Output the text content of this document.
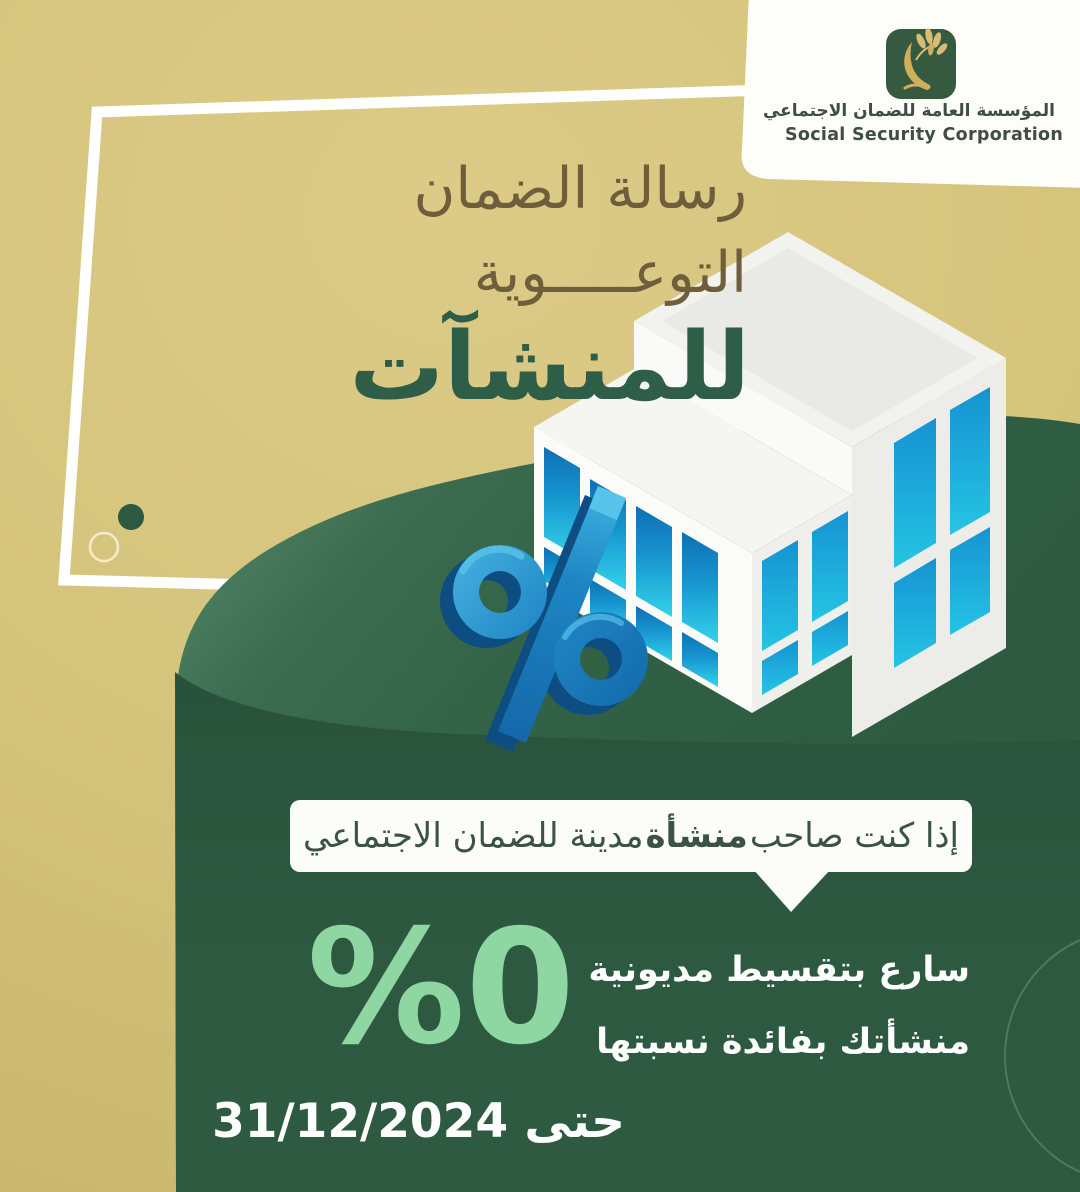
رسالة الضمان
التوعـــــوية
للمنشآت
المؤسسة العامة للضمان الاجتماعي
Social Security Corporation
إذا كنت صاحب
منشأة
مدينة للضمان الاجتماعي
%0 سارع بتقسيط مديونية
منشأتك بفائدة نسبتها
حتى 31/12/2024
